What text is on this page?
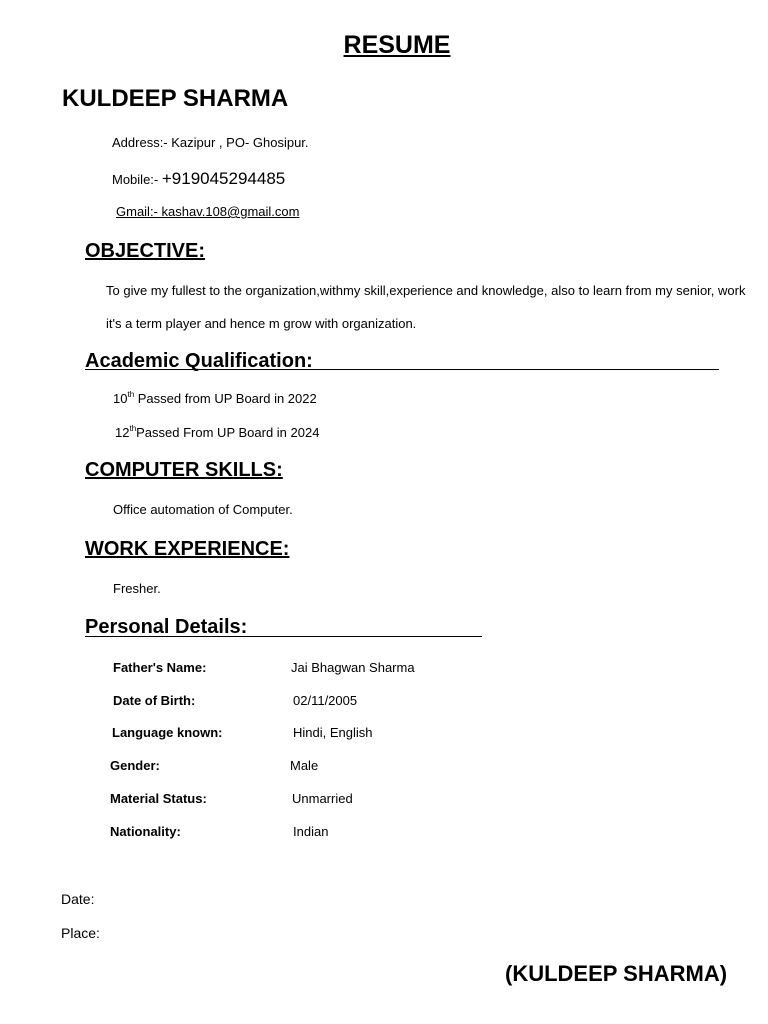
RESUME
KULDEEP SHARMA
Address:- Kazipur , PO- Ghosipur.
Mobile:- +919045294485
Gmail:- kashav.108@gmail.com
OBJECTIVE:
To give my fullest to the organization,withmy skill,experience and knowledge, also to learn from my senior, work
it's a term player and hence m grow with organization.
Academic Qualification:
10th Passed from UP Board in 2022
12thPassed From UP Board in 2024
COMPUTER SKILLS:
Office automation of Computer.
WORK EXPERIENCE:
Fresher.
Personal Details:
Father's Name:	Jai Bhagwan Sharma
Date of Birth:	02/11/2005
Language known:	Hindi, English
Gender:	Male
Material Status:	Unmarried
Nationality:	Indian
Date:
Place:
(KULDEEP SHARMA)
